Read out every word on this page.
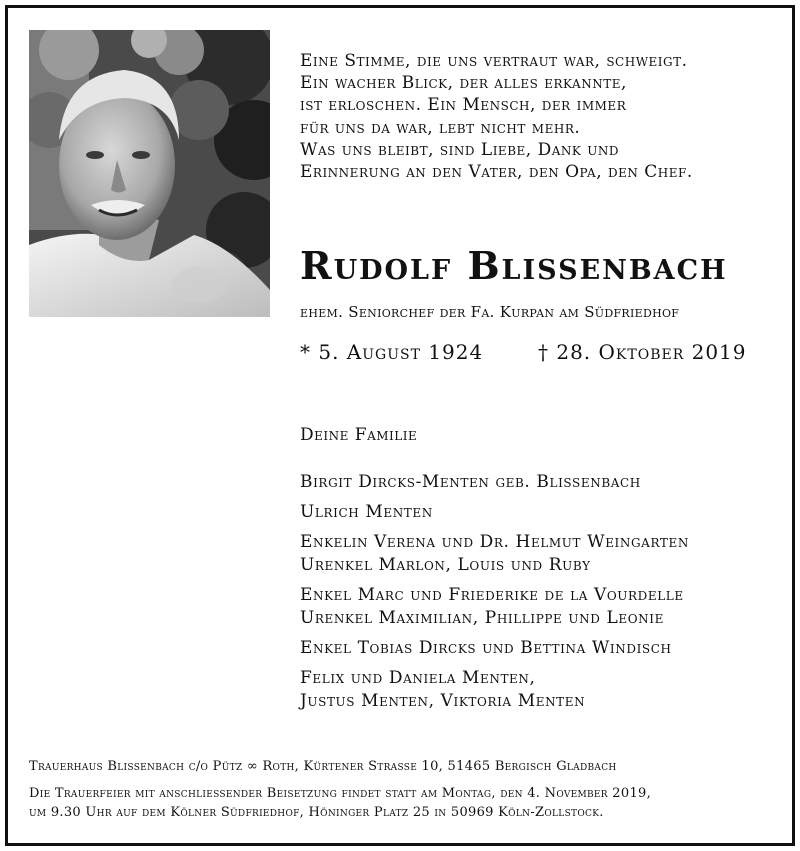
Eine Stimme, die uns vertraut war, schweigt.
Ein wacher Blick, der alles erkannte,
ist erloschen. Ein Mensch, der immer
für uns da war, lebt nicht mehr.
Was uns bleibt, sind Liebe, Dank und
Erinnerung an den Vater, den Opa, den Chef.
Rudolf Blissenbach
ehem. Seniorchef der Fa. Kurpan am Südfriedhof
* 5. August 1924	† 28. Oktober 2019
Deine Familie
Birgit Dircks-Menten geb. Blissenbach
Ulrich Menten
Enkelin Verena und Dr. Helmut Weingarten
Urenkel Marlon, Louis und Ruby
Enkel Marc und Friederike de la Vourdelle
Urenkel Maximilian, Phillippe und Leonie
Enkel Tobias Dircks und Bettina Windisch
Felix und Daniela Menten,
Justus Menten, Viktoria Menten
Trauerhaus Blissenbach c/o Pütz ∞ Roth, Kürtener Strasse 10, 51465 Bergisch Gladbach
Die Trauerfeier mit anschliessender Beisetzung findet statt am Montag, den 4. November 2019,
um 9.30 Uhr auf dem Kölner Südfriedhof, Höninger Platz 25 in 50969 Köln-Zollstock.
